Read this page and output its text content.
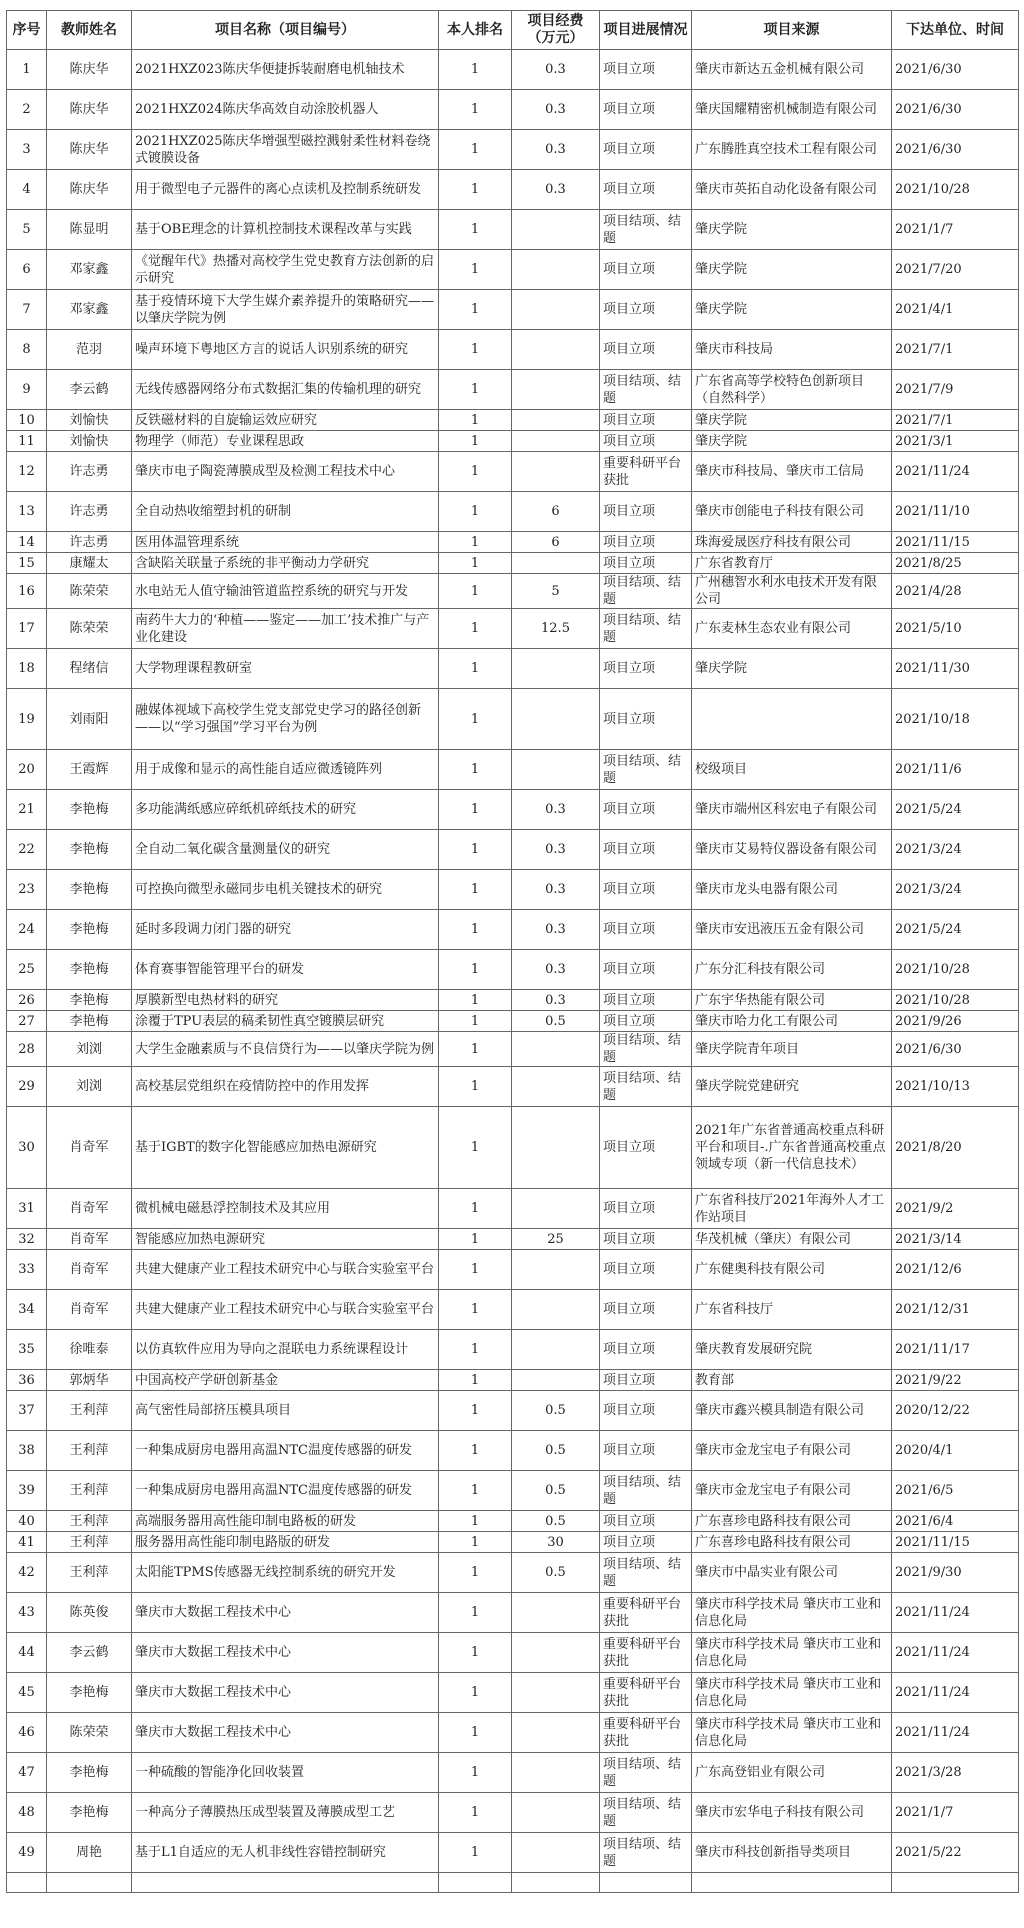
序号	教师姓名	项目名称（项目编号）	本人排名	项目经费（万元）	项目进展情况	项目来源	下达单位、时间
1	陈庆华	2021HXZ023陈庆华便捷拆装耐磨电机轴技术	1	0.3	项目立项	肇庆市新达五金机械有限公司	2021/6/30
2	陈庆华	2021HXZ024陈庆华高效自动涂胶机器人	1	0.3	项目立项	肇庆国耀精密机械制造有限公司	2021/6/30
3	陈庆华	2021HXZ025陈庆华增强型磁控溅射柔性材料卷绕式镀膜设备	1	0.3	项目立项	广东腾胜真空技术工程有限公司	2021/6/30
4	陈庆华	用于微型电子元器件的离心点读机及控制系统研发	1	0.3	项目立项	肇庆市英拓自动化设备有限公司	2021/10/28
5	陈显明	基于OBE理念的计算机控制技术课程改革与实践	1		项目结项、结题	肇庆学院	2021/1/7
6	邓家鑫	《觉醒年代》热播对高校学生党史教育方法创新的启示研究	1		项目立项	肇庆学院	2021/7/20
7	邓家鑫	基于疫情环境下大学生媒介素养提升的策略研究——以肇庆学院为例	1		项目立项	肇庆学院	2021/4/1
8	范羽	噪声环境下粤地区方言的说话人识别系统的研究	1		项目立项	肇庆市科技局	2021/7/1
9	李云鹤	无线传感器网络分布式数据汇集的传输机理的研究	1		项目结项、结题	广东省高等学校特色创新项目（自然科学）	2021/7/9
10	刘愉快	反铁磁材料的自旋输运效应研究	1		项目立项	肇庆学院	2021/7/1
11	刘愉快	物理学（师范）专业课程思政	1		项目立项	肇庆学院	2021/3/1
12	许志勇	肇庆市电子陶瓷薄膜成型及检测工程技术中心	1		重要科研平台获批	肇庆市科技局、肇庆市工信局	2021/11/24
13	许志勇	全自动热收缩塑封机的研制	1	6	项目立项	肇庆市创能电子科技有限公司	2021/11/10
14	许志勇	医用体温管理系统	1	6	项目立项	珠海爱晟医疗科技有限公司	2021/11/15
15	康耀太	含缺陷关联量子系统的非平衡动力学研究	1		项目立项	广东省教育厅	2021/8/25
16	陈荣荣	水电站无人值守输油管道监控系统的研究与开发	1	5	项目结项、结题	广州穗智水利水电技术开发有限公司	2021/4/28
17	陈荣荣	南药牛大力的‘种植——鉴定——加工’技术推广与产业化建设	1	12.5	项目结项、结题	广东麦林生态农业有限公司	2021/5/10
18	程绪信	大学物理课程教研室	1		项目立项	肇庆学院	2021/11/30
19	刘雨阳	融媒体视域下高校学生党支部党史学习的路径创新——以“学习强国”学习平台为例	1		项目立项		2021/10/18
20	王霞辉	用于成像和显示的高性能自适应微透镜阵列	1		项目结项、结题	校级项目	2021/11/6
21	李艳梅	多功能满纸感应碎纸机碎纸技术的研究	1	0.3	项目立项	肇庆市端州区科宏电子有限公司	2021/5/24
22	李艳梅	全自动二氧化碳含量测量仪的研究	1	0.3	项目立项	肇庆市艾易特仪器设备有限公司	2021/3/24
23	李艳梅	可控换向微型永磁同步电机关键技术的研究	1	0.3	项目立项	肇庆市龙头电器有限公司	2021/3/24
24	李艳梅	延时多段调力闭门器的研究	1	0.3	项目立项	肇庆市安迅液压五金有限公司	2021/5/24
25	李艳梅	体育赛事智能管理平台的研发	1	0.3	项目立项	广东分汇科技有限公司	2021/10/28
26	李艳梅	厚膜新型电热材料的研究	1	0.3	项目立项	广东宇华热能有限公司	2021/10/28
27	李艳梅	涂覆于TPU表层的稿柔韧性真空镀膜层研究	1	0.5	项目立项	肇庆市哈力化工有限公司	2021/9/26
28	刘浏	大学生金融素质与不良信贷行为——以肇庆学院为例	1		项目结项、结题	肇庆学院青年项目	2021/6/30
29	刘浏	高校基层党组织在疫情防控中的作用发挥	1		项目结项、结题	肇庆学院党建研究	2021/10/13
30	肖奇军	基于IGBT的数字化智能感应加热电源研究	1		项目立项	2021年广东省普通高校重点科研平台和项目-.广东省普通高校重点领域专项（新一代信息技术）	2021/8/20
31	肖奇军	微机械电磁悬浮控制技术及其应用	1		项目立项	广东省科技厅2021年海外人才工作站项目	2021/9/2
32	肖奇军	智能感应加热电源研究	1	25	项目立项	华茂机械（肇庆）有限公司	2021/3/14
33	肖奇军	共建大健康产业工程技术研究中心与联合实验室平台	1		项目立项	广东健奥科技有限公司	2021/12/6
34	肖奇军	共建大健康产业工程技术研究中心与联合实验室平台	1		项目立项	广东省科技厅	2021/12/31
35	徐唯泰	以仿真软件应用为导向之混联电力系统课程设计	1		项目立项	肇庆教育发展研究院	2021/11/17
36	郭炳华	中国高校产学研创新基金	1		项目立项	教育部	2021/9/22
37	王利萍	高气密性局部挤压模具项目	1	0.5	项目立项	肇庆市鑫兴模具制造有限公司	2020/12/22
38	王利萍	一种集成厨房电器用高温NTC温度传感器的研发	1	0.5	项目立项	肇庆市金龙宝电子有限公司	2020/4/1
39	王利萍	一种集成厨房电器用高温NTC温度传感器的研发	1	0.5	项目结项、结题	肇庆市金龙宝电子有限公司	2021/6/5
40	王利萍	高端服务器用高性能印制电路板的研发	1	0.5	项目立项	广东喜珍电路科技有限公司	2021/6/4
41	王利萍	服务器用高性能印制电路版的研发	1	30	项目立项	广东喜珍电路科技有限公司	2021/11/15
42	王利萍	太阳能TPMS传感器无线控制系统的研究开发	1	0.5	项目结项、结题	肇庆市中晶实业有限公司	2021/9/30
43	陈英俊	肇庆市大数据工程技术中心	1		重要科研平台获批	肇庆市科学技术局 肇庆市工业和信息化局	2021/11/24
44	李云鹤	肇庆市大数据工程技术中心	1		重要科研平台获批	肇庆市科学技术局 肇庆市工业和信息化局	2021/11/24
45	李艳梅	肇庆市大数据工程技术中心	1		重要科研平台获批	肇庆市科学技术局 肇庆市工业和信息化局	2021/11/24
46	陈荣荣	肇庆市大数据工程技术中心	1		重要科研平台获批	肇庆市科学技术局 肇庆市工业和信息化局	2021/11/24
47	李艳梅	一种硫酸的智能净化回收装置	1		项目结项、结题	广东高登铝业有限公司	2021/3/28
48	李艳梅	一种高分子薄膜热压成型装置及薄膜成型工艺	1		项目结项、结题	肇庆市宏华电子科技有限公司	2021/1/7
49	周艳	基于L1自适应的无人机非线性容错控制研究	1		项目结项、结题	肇庆市科技创新指导类项目	2021/5/22
